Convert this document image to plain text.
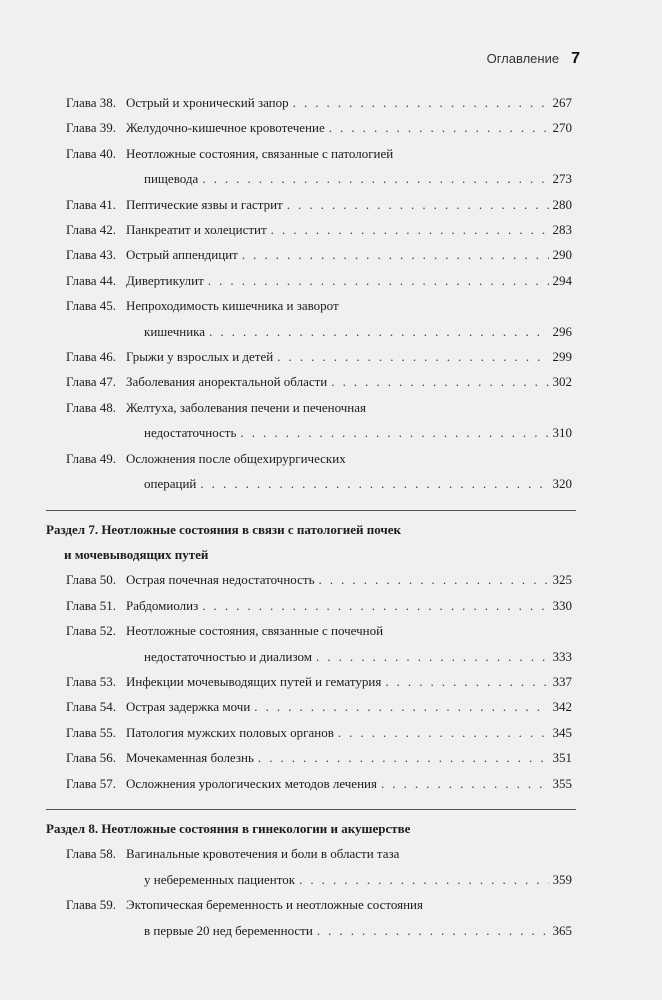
Оглавление 7
Глава 38. Острый и хронический запор . . .	267
Глава 39. Желудочно-кишечное кровотечение . . .	270
Глава 40. Неотложные состояния, связанные с патологией
пищевода . . .	273
Глава 41. Пептические язвы и гастрит . . .	280
Глава 42. Панкреатит и холецистит . . .	283
Глава 43. Острый аппендицит . . .	290
Глава 44. Дивертикулит . . .	294
Глава 45. Непроходимость кишечника и заворот
кишечника . . .	296
Глава 46. Грыжи у взрослых и детей . . .	299
Глава 47. Заболевания аноректальной области . . .	302
Глава 48. Желтуха, заболевания печени и печеночная
недостаточность . . .	310
Глава 49. Осложнения после общехирургических
операций . . .	320
Раздел 7. Неотложные состояния в связи с патологией почек
и мочевыводящих путей
Глава 50. Острая почечная недостаточность . . .	325
Глава 51. Рабдомиолиз . . .	330
Глава 52. Неотложные состояния, связанные с почечной
недостаточностью и диализом . . .	333
Глава 53. Инфекции мочевыводящих путей и гематурия . . .	337
Глава 54. Острая задержка мочи . . .	342
Глава 55. Патология мужских половых органов . . .	345
Глава 56. Мочекаменная болезнь . . .	351
Глава 57. Осложнения урологических методов лечения . . .	355
Раздел 8. Неотложные состояния в гинекологии и акушерстве
Глава 58. Вагинальные кровотечения и боли в области таза
у небеременных пациенток . . .	359
Глава 59. Эктопическая беременность и неотложные состояния
в первые 20 нед беременности . . .	365
